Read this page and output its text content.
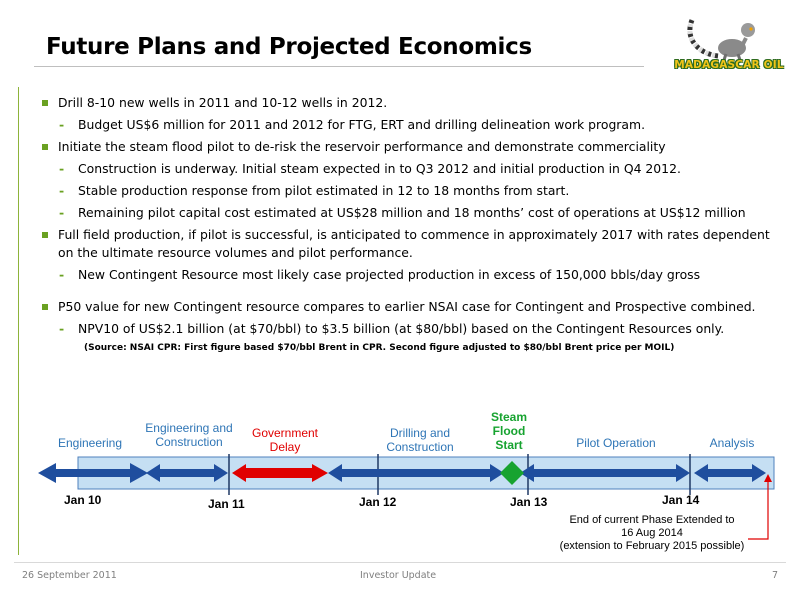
Future Plans and Projected Economics
MADAGASCAR OIL
Drill 8-10 new wells in 2011 and 10-12 wells in 2012.
- Budget US$6 million for 2011 and 2012 for FTG, ERT and drilling delineation work program.
Initiate the steam flood pilot to de-risk the reservoir performance and demonstrate commerciality
- Construction is underway. Initial steam expected in to Q3 2012 and initial production in Q4 2012.
- Stable production response from pilot estimated in 12 to 18 months from start.
- Remaining pilot capital cost estimated at US$28 million and 18 months’ cost of operations at US$12 million
Full field production, if pilot is successful, is anticipated to commence in approximately 2017 with rates dependent on the ultimate resource volumes and pilot performance.
- New Contingent Resource most likely case projected production in excess of 150,000 bbls/day gross
P50 value for new Contingent resource compares to earlier NSAI case for Contingent and Prospective combined.
- NPV10 of US$2.1 billion (at $70/bbl) to $3.5 billion (at $80/bbl) based on the Contingent Resources only.
(Source: NSAI CPR: First figure based $70/bbl Brent in CPR. Second figure adjusted to $80/bbl Brent price per MOIL)
Engineering
Engineering and
Construction
Government
Delay
Drilling and
Construction
Steam
Flood
Start	Pilot Operation	Analysis
Jan 10	Jan 11	Jan 12	Jan 13	Jan 14
End of current Phase Extended to
16 Aug 2014
(extension to February 2015 possible)
26 September 2011	Investor Update	7
